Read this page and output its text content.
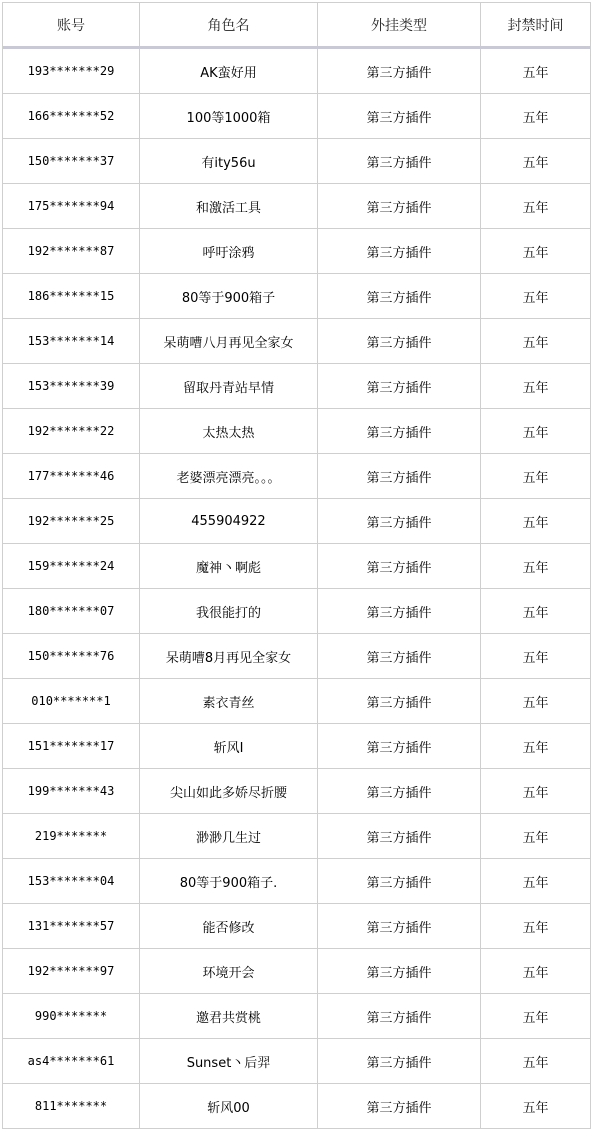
账号	角色名	外挂类型	封禁时间
193*******29	AK蛮好用	第三方插件	五年
166*******52	100等1000箱	第三方插件	五年
150*******37	有ity56u	第三方插件	五年
175*******94	和激活工具	第三方插件	五年
192*******87	呼吁涂鸦	第三方插件	五年
186*******15	80等于900箱子	第三方插件	五年
153*******14	呆萌嘈八月再见全家女	第三方插件	五年
153*******39	留取丹青站早情	第三方插件	五年
192*******22	太热太热	第三方插件	五年
177*******46	老婆漂亮漂亮。。。	第三方插件	五年
192*******25	455904922	第三方插件	五年
159*******24	魔神丶啊彪	第三方插件	五年
180*******07	我很能打的	第三方插件	五年
150*******76	呆萌嘈8月再见全家女	第三方插件	五年
010*******1	素衣青丝	第三方插件	五年
151*******17	斩风I	第三方插件	五年
199*******43	尖山如此多娇尽折腰	第三方插件	五年
219*******	渺渺几生过	第三方插件	五年
153*******04	80等于900箱子.	第三方插件	五年
131*******57	能否修改	第三方插件	五年
192*******97	环境开会	第三方插件	五年
990*******	邀君共赏桃	第三方插件	五年
as4*******61	Sunset丶后羿	第三方插件	五年
811*******	斩风00	第三方插件	五年
